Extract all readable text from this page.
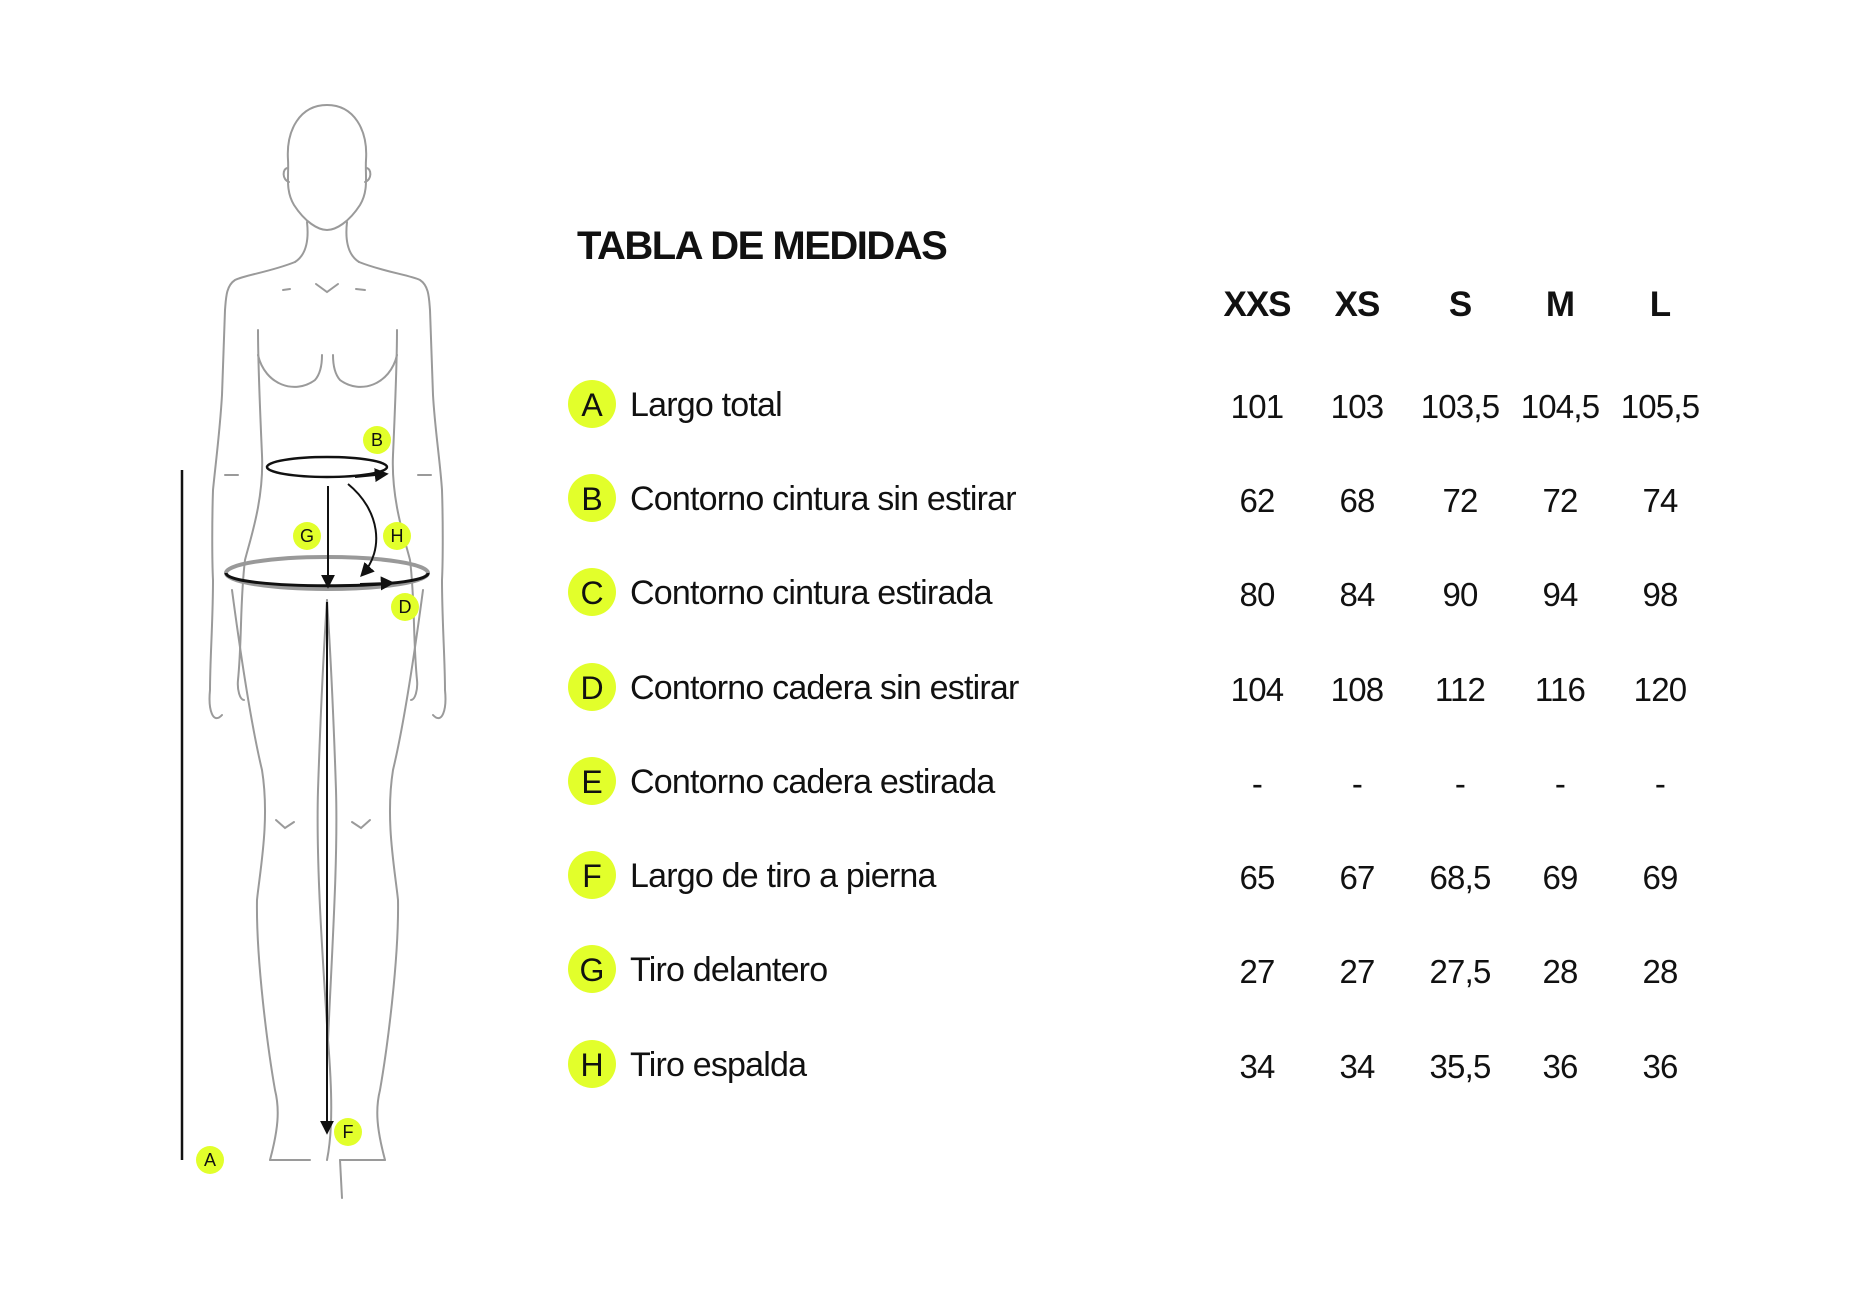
B
G	H
D
F
A
TABLA DE MEDIDAS
XXS	XS	S	M	L
A Largo total	101	103	103,5 104,5 105,5
B Contorno cintura sin estirar	62	68	72	72	74
C Contorno cintura estirada	80	84	90	94	98
D Contorno cadera sin estirar	104	108	112	116	120
E Contorno cadera estirada	-	-	-	-	-
F Largo de tiro a pierna	65	67	68,5	69	69
G Tiro delantero	27	27	27,5	28	28
H Tiro espalda	34	34	35,5	36	36
